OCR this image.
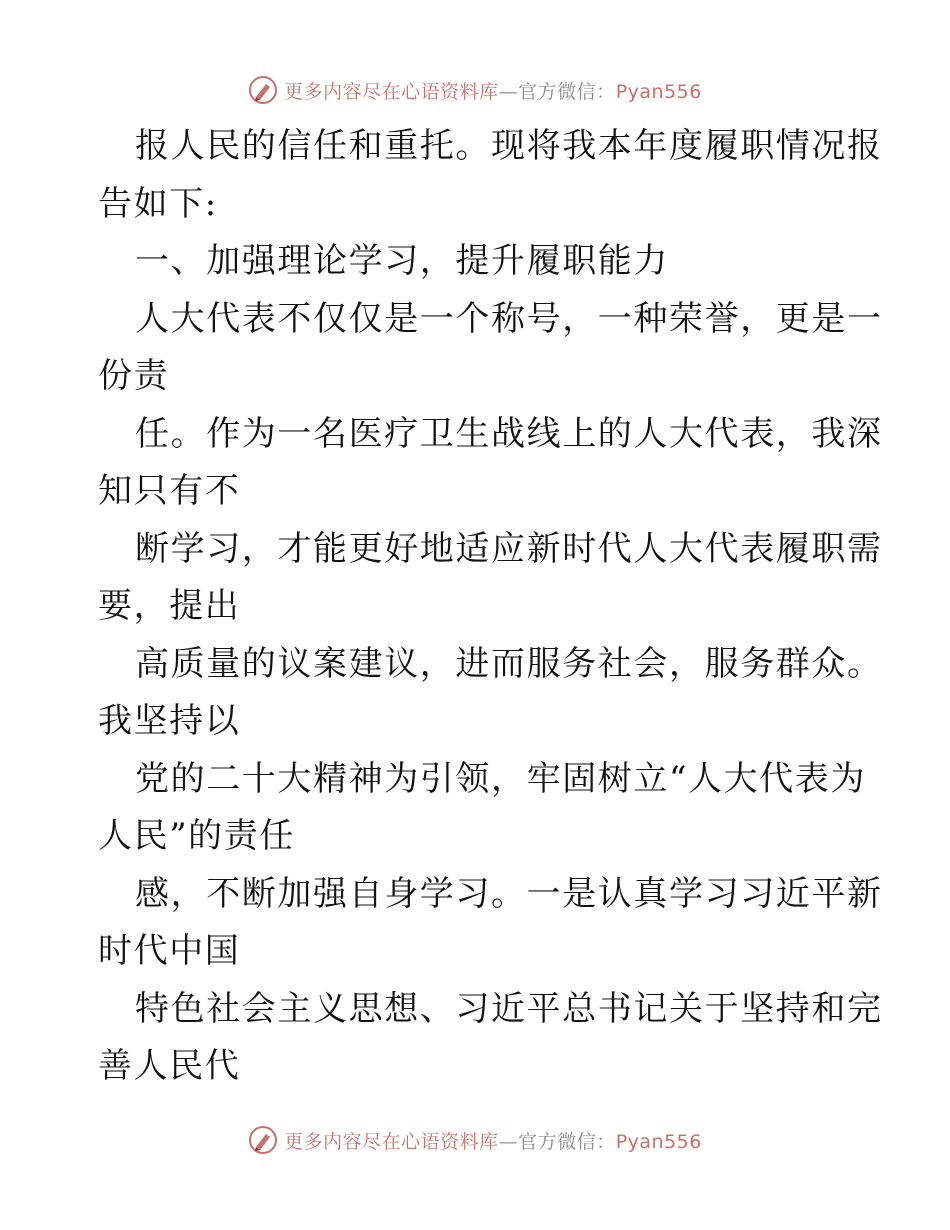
更多内容尽在心语资料库—官方微信：Pyan556
报人民的信任和重托。现将我本年度履职情况报
告如下:
一、加强理论学习，提升履职能力
人大代表不仅仅是一个称号，一种荣誉，更是一
份责
任。作为一名医疗卫生战线上的人大代表，我深
知只有不
断学习，才能更好地适应新时代人大代表履职需
要，提出
高质量的议案建议，进而服务社会，服务群众。
我坚持以
党的二十大精神为引领，牢固树立“人大代表为
人民”的责任
感，不断加强自身学习。一是认真学习习近平新
时代中国
特色社会主义思想、习近平总书记关于坚持和完
善人民代
更多内容尽在心语资料库—官方微信：Pyan556
